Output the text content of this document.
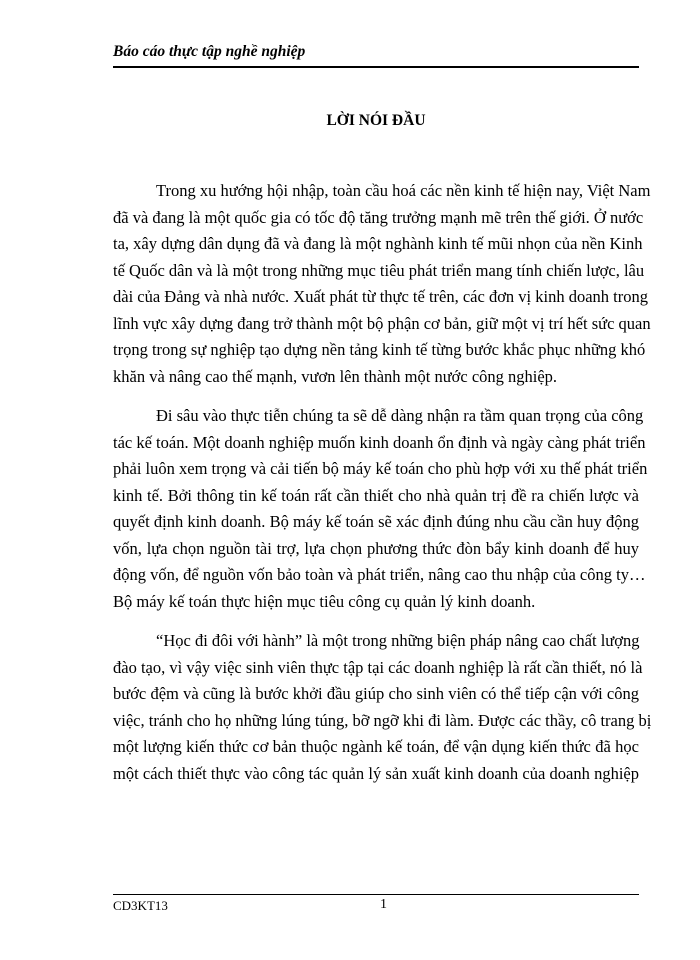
Báo cáo thực tập nghề nghiệp
LỜI NÓI ĐẦU
Trong xu hướng hội nhập, toàn cầu hoá các nền kinh tế hiện nay, Việt Nam
đã và đang là một quốc gia có tốc độ tăng trưởng mạnh mẽ trên thế giới. Ở nước
ta, xây dựng dân dụng đã và đang là một nghành kinh tế mũi nhọn của nền Kinh
tế Quốc dân và là một trong những mục tiêu phát triển mang tính chiến lược, lâu
dài của Đảng và nhà nước. Xuất phát từ thực tế trên, các đơn vị kinh doanh trong
lĩnh vực xây dựng đang trở thành một bộ phận cơ bản, giữ một vị trí hết sức quan
trọng trong sự nghiệp tạo dựng nền tảng kinh tế từng bước khắc phục những khó
khăn và nâng cao thế mạnh, vươn lên thành một nước công nghiệp.
Đi sâu vào thực tiễn chúng ta sẽ dễ dàng nhận ra tầm quan trọng của công
tác kế toán. Một doanh nghiệp muốn kinh doanh ổn định và ngày càng phát triển
phải luôn xem trọng và cải tiến bộ máy kế toán cho phù hợp với xu thế phát triển
kinh tế. Bởi thông tin kế toán rất cần thiết cho nhà quản trị đề ra chiến lược và
quyết định kinh doanh. Bộ máy kế toán sẽ xác định đúng nhu cầu cần huy động
vốn, lựa chọn nguồn tài trợ, lựa chọn phương thức đòn bẩy kinh doanh để huy
động vốn, để nguồn vốn bảo toàn và phát triển, nâng cao thu nhập của công ty…
Bộ máy kế toán thực hiện mục tiêu công cụ quản lý kinh doanh.
“Học đi đôi với hành” là một trong những biện pháp nâng cao chất lượng
đào tạo, vì vậy việc sinh viên thực tập tại các doanh nghiệp là rất cần thiết, nó là
bước đệm và cũng là bước khởi đầu giúp cho sinh viên có thể tiếp cận với công
việc, tránh cho họ những lúng túng, bỡ ngỡ khi đi làm. Được các thầy, cô trang bị
một lượng kiến thức cơ bản thuộc ngành kế toán, để vận dụng kiến thức đã học
một cách thiết thực vào công tác quản lý sản xuất kinh doanh của doanh nghiệp
CD3KT13	1
